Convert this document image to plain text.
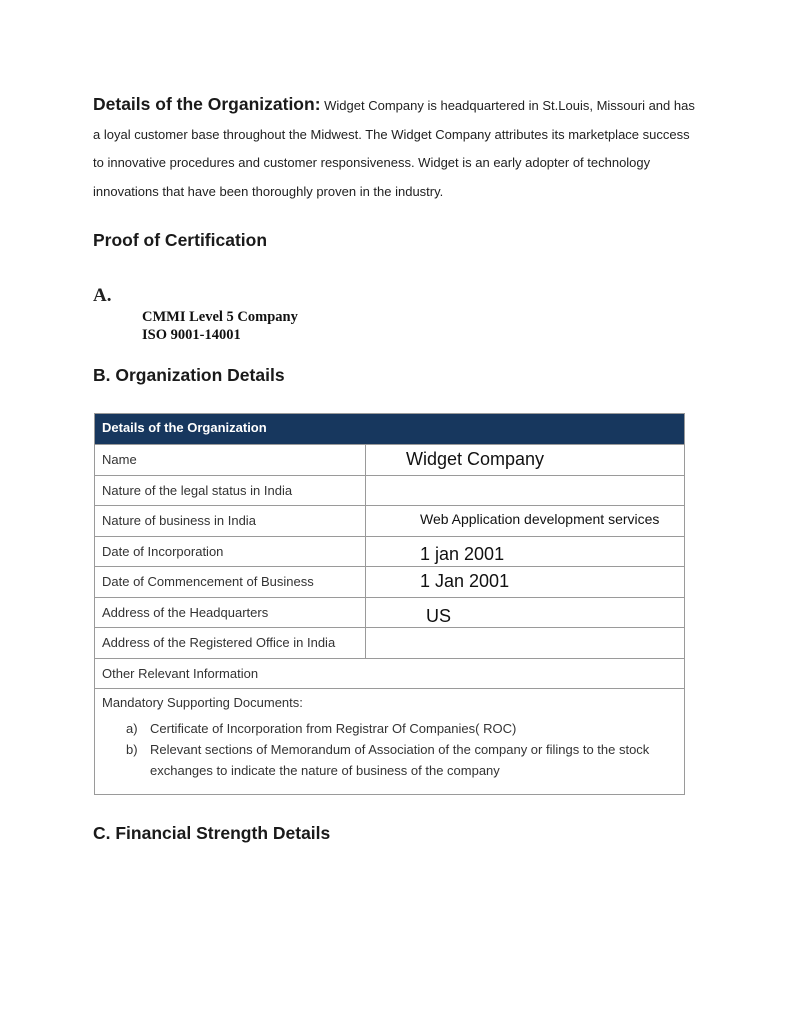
Details of the Organization: Widget Company is headquartered in St.Louis, Missouri and has a loyal customer base throughout the Midwest. The Widget Company attributes its marketplace success to innovative procedures and customer responsiveness. Widget is an early adopter of technology innovations that have been thoroughly proven in the industry.
Proof of Certification
A.
CMMI Level 5 Company
ISO 9001-14001
B. Organization Details
Details of the Organization
Name	Widget Company
Nature of the legal status in India
Nature of business in India	Web Application development services
Date of Incorporation	1 jan 2001
Date of Commencement of Business	1 Jan 2001
Address of the Headquarters	US
Address of the Registered Office in India
Other Relevant Information
Mandatory Supporting Documents:
a) Certificate of Incorporation from Registrar Of Companies( ROC)
b) Relevant sections of Memorandum of Association of the company or filings to the stock exchanges to indicate the nature of business of the company
C. Financial Strength Details
